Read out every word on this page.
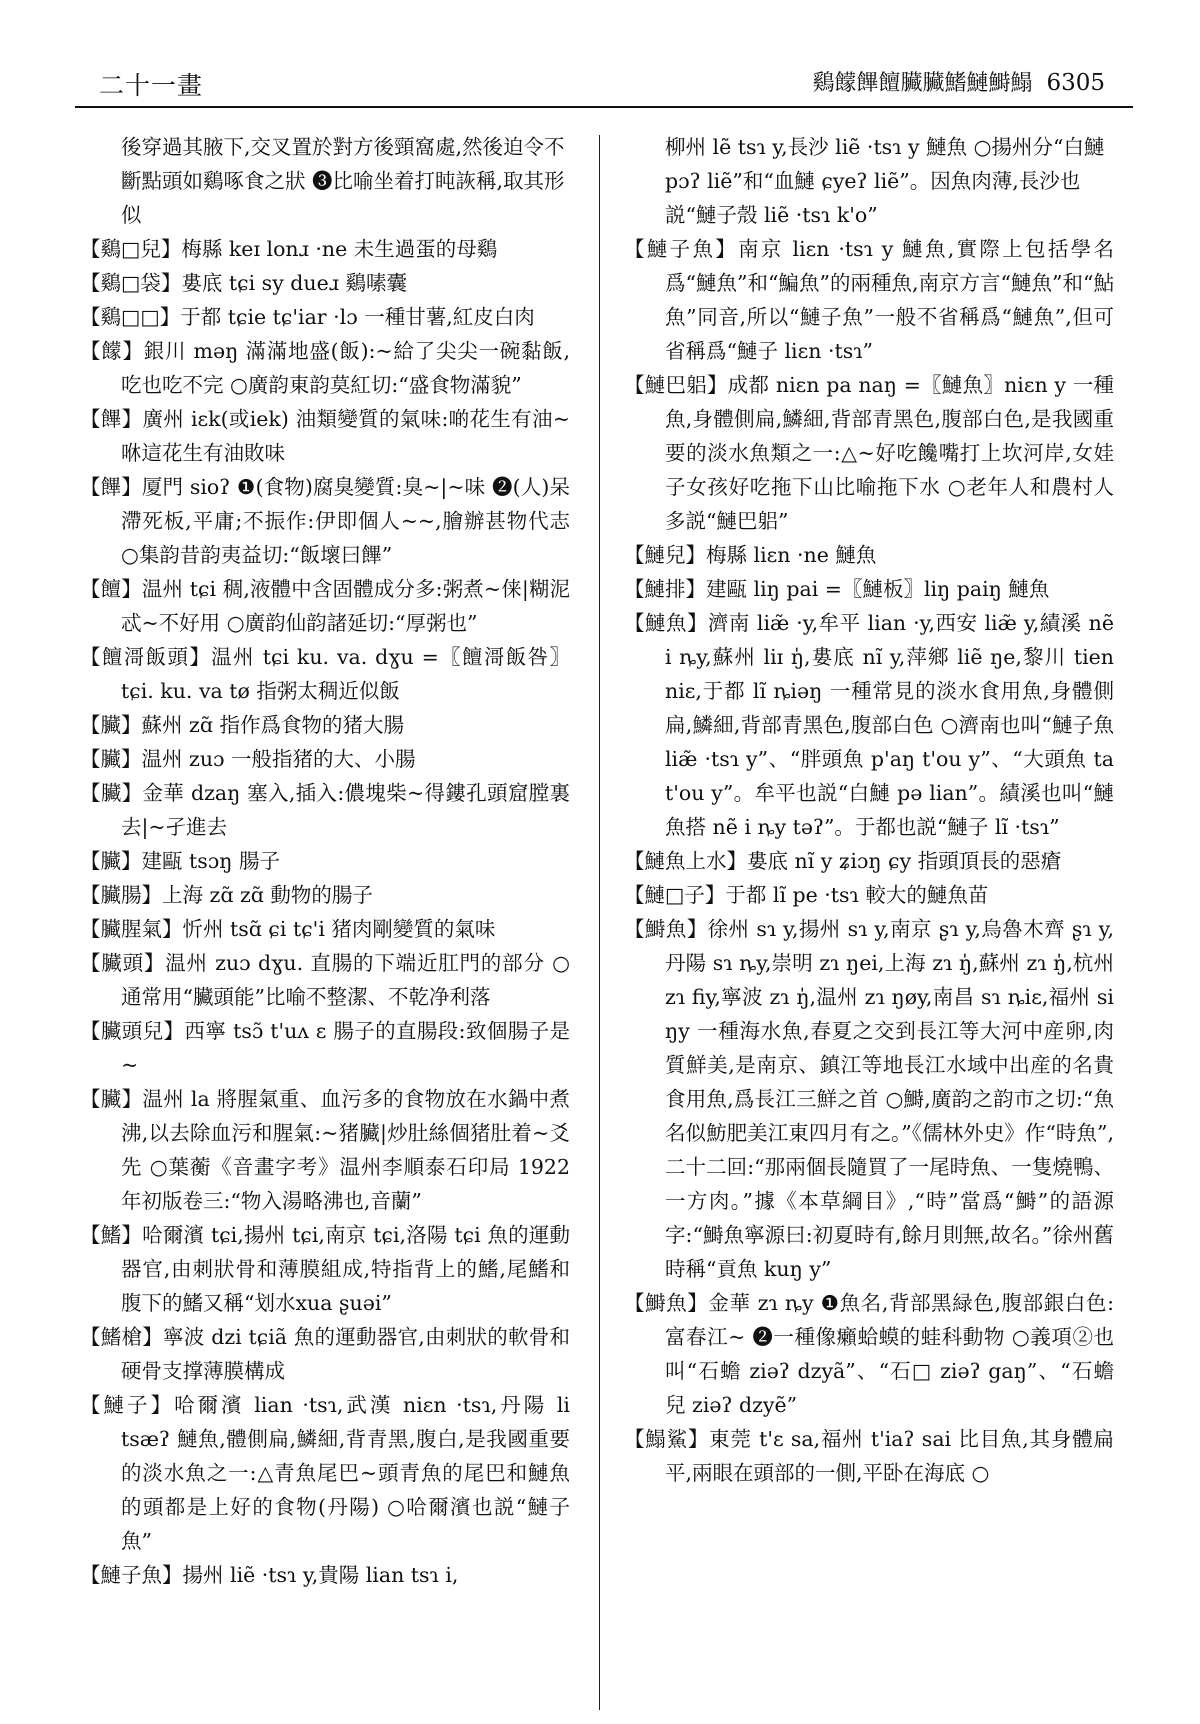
二十一畫	鷄饛饆饘臟臟鰭鰱鰣鰨 6305

後穿過其腋下,交叉置於對方後頸窩處,然後迫令不斷點頭如鷄啄食之狀 ❸比喻坐着打盹詼稱,取其形似

【鷄□兒】梅縣 keɪ lonɹ ·ne 未生過蛋的母鷄

【鷄□袋】婁底 tɕi sy dueɹ 鷄嗉囊

【鷄□□】于都 tɕie tɕ'iar ·lɔ 一種甘薯,紅皮白肉

【饛】銀川 məŋ 滿滿地盛(飯):~給了尖尖一碗黏飯,吃也吃不完 ○廣韵東韵莫紅切:“盛食物滿貌”

【饆】廣州 iɛk(或iek) 油類變質的氣味:啲花生有油~咻這花生有油敗味

【饆】厦門 sioʔ ❶(食物)腐臭變質:臭~|~味 ❷(人)呆滯死板,平庸;不振作:伊即個人~~,膾辦甚物代志 ○集韵昔韵夷益切:“飯壞曰饆”

【饘】温州 tɕi 稠,液體中含固體成分多:粥煮~俫|糊泥忒~不好用 ○廣韵仙韵諸延切:“厚粥也”

【饘滒飯頭】温州 tɕi ku. va. dɣu =〖饘滒飯咎〗tɕi. ku. va tø 指粥太稠近似飯

【臟】蘇州 zɑ̃ 指作爲食物的猪大腸

【臟】温州 zuɔ 一般指猪的大、小腸

【臟】金華 dzaŋ 塞入,插入:儂塊柴~得鏤孔頭窟膛裏去|~孑進去

【臟】建甌 tsɔŋ 腸子

【臟腸】上海 zɑ̃ zɑ̃ 動物的腸子

【臟腥氣】忻州 tsɑ̃ ɕi tɕ'i 猪肉剛變質的氣味

【臟頭】温州 zuɔ dɣu. 直腸的下端近肛門的部分 ○通常用“臟頭能”比喻不整潔、不乾净利落

【臟頭兒】西寧 tsɔ̃ t'uʌ ɛ 腸子的直腸段:致個腸子是~

【臟】温州 la 將腥氣重、血污多的食物放在水鍋中煮沸,以去除血污和腥氣:~猪臟|炒肚絲個猪肚着~爻先 ○葉蘅《音畫字考》温州李順泰石印局 1922年初版卷三:“物入湯略沸也,音蘭”

【鰭】哈爾濱 tɕi,揚州 tɕi,南京 tɕi,洛陽 tɕi 魚的運動器官,由刺狀骨和薄膜組成,特指背上的鰭,尾鰭和腹下的鰭又稱“划水xua ʂuəi”

【鰭槍】寧波 dzi tɕiã 魚的運動器官,由刺狀的軟骨和硬骨支撑薄膜構成

【鰱子】哈爾濱 lian ·tsɿ,武漢 niɛn ·tsɿ,丹陽 li tsæʔ 鰱魚,體側扁,鱗細,背青黑,腹白,是我國重要的淡水魚之一:△青魚尾巴~頭青魚的尾巴和鰱魚的頭都是上好的食物(丹陽) ○哈爾濱也説“鰱子魚”

【鰱子魚】揚州 liẽ ·tsɿ y,貴陽 lian tsɿ i,

柳州 lẽ tsɿ y,長沙 liẽ ·tsɿ y 鰱魚 ○揚州分“白鰱 pɔʔ liẽ”和“血鰱 ɕyeʔ liẽ”。因魚肉薄,長沙也説“鰱子殼 liẽ ·tsɿ k'o”

【鰱子魚】南京 liɛn ·tsɿ y 鰱魚,實際上包括學名爲“鰱魚”和“鯿魚”的兩種魚,南京方言“鰱魚”和“鮎魚”同音,所以“鰱子魚”一般不省稱爲“鰱魚”,但可省稱爲“鰱子 liɛn ·tsɿ”

【鰱巴躳】成都 niɛn pa naŋ =〖鰱魚〗niɛn y 一種魚,身體側扁,鱗細,背部青黑色,腹部白色,是我國重要的淡水魚類之一:△~好吃饞嘴打上坎河岸,女娃子女孩好吃拖下山比喻拖下水 ○老年人和農村人多説“鰱巴躳”

【鰱兒】梅縣 liɛn ·ne 鰱魚

【鰱排】建甌 liŋ pai =〖鰱板〗liŋ paiŋ 鰱魚

【鰱魚】濟南 liæ̃ ·y,牟平 lian ·y,西安 liæ̃ y,績溪 nẽ i ȵy,蘇州 liɪ ŋ̍,婁底 nĩ y,萍鄉 liẽ ŋe,黎川 tien niɛ,于都 lĩ ȵiəŋ 一種常見的淡水食用魚,身體側扁,鱗細,背部青黑色,腹部白色 ○濟南也叫“鰱子魚 liæ̃ ·tsɿ y”、“胖頭魚 p'aŋ t'ou y”、“大頭魚 ta t'ou y”。牟平也説“白鰱 pə lian”。績溪也叫“鰱魚搭 nẽ i ȵy təʔ”。于都也説“鰱子 lĩ ·tsɿ”

【鰱魚上水】婁底 nĩ y ʑiɔŋ ɕy 指頭頂長的惡瘡

【鰱□子】于都 lĩ pe ·tsɿ 較大的鰱魚苗

【鰣魚】徐州 sɿ y,揚州 sɿ y,南京 ʂɿ y,烏魯木齊 ʂɿ y,丹陽 sɿ ȵy,崇明 zɿ ŋei,上海 zɿ ŋ̍,蘇州 zɿ ŋ̍,杭州 zɿ fiy,寧波 zɿ ŋ̍,温州 zɿ ŋøy,南昌 sɿ ȵiɛ,福州 si ŋy 一種海水魚,春夏之交到長江等大河中産卵,肉質鮮美,是南京、鎮江等地長江水域中出産的名貴食用魚,爲長江三鮮之首 ○鰣,廣韵之韵市之切:“魚名似魴肥美江東四月有之。”《儒林外史》作“時魚”,二十二回:“那兩個長隨買了一尾時魚、一隻燒鴨、一方肉。”據《本草綱目》,“時”當爲“鰣”的語源字:“鰣魚寧源曰:初夏時有,餘月則無,故名。”徐州舊時稱“貢魚 kuŋ y”

【鰣魚】金華 zɿ ȵy ❶魚名,背部黑緑色,腹部銀白色:富春江~ ❷一種像癩蛤蟆的蛙科動物 ○義項②也叫“石蟾 ziəʔ dzyã”、“石□ ziəʔ gaŋ”、“石蟾兒 ziəʔ dzyẽ”

【鰨鯊】東莞 t'ɛ sa,福州 t'iaʔ sai 比目魚,其身體扁平,兩眼在頭部的一側,平卧在海底 ○
